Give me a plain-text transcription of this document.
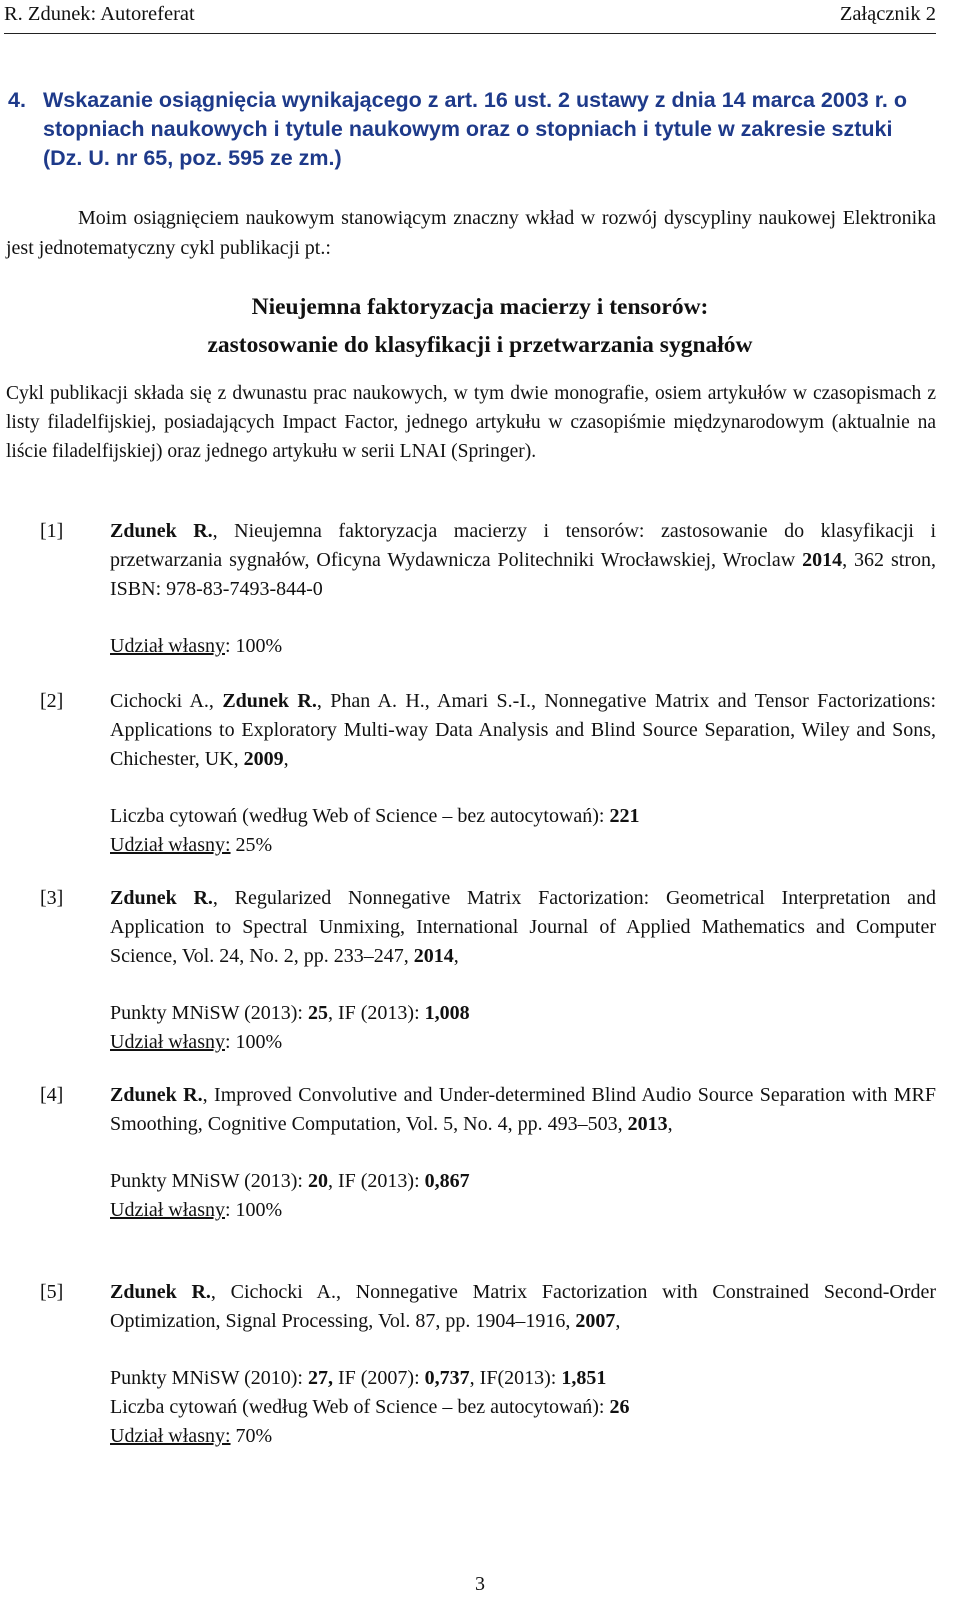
R. Zdunek: Autoreferat	Załącznik 2
4. Wskazanie osiągnięcia wynikającego z art. 16 ust. 2 ustawy z dnia 14 marca 2003 r. o stopniach naukowych i tytule naukowym oraz o stopniach i tytule w zakresie sztuki (Dz. U. nr 65, poz. 595 ze zm.)
Moim osiągnięciem naukowym stanowiącym znaczny wkład w rozwój dyscypliny naukowej Elektronika jest jednotematyczny cykl publikacji pt.:
Nieujemna faktoryzacja macierzy i tensorów:
zastosowanie do klasyfikacji i przetwarzania sygnałów
Cykl publikacji składa się z dwunastu prac naukowych, w tym dwie monografie, osiem artykułów w czasopismach z listy filadelfijskiej, posiadających Impact Factor, jednego artykułu w czasopiśmie międzynarodowym (aktualnie na liście filadelfijskiej) oraz jednego artykułu w serii LNAI (Springer).
[1] Zdunek R., Nieujemna faktoryzacja macierzy i tensorów: zastosowanie do klasyfikacji i przetwarzania sygnałów, Oficyna Wydawnicza Politechniki Wrocławskiej, Wroclaw 2014, 362 stron, ISBN: 978-83-7493-844-0
Udział własny: 100%
[2] Cichocki A., Zdunek R., Phan A. H., Amari S.-I., Nonnegative Matrix and Tensor Factorizations: Applications to Exploratory Multi-way Data Analysis and Blind Source Separation, Wiley and Sons, Chichester, UK, 2009,
Liczba cytowań (według Web of Science – bez autocytowań): 221
Udział własny: 25%
[3] Zdunek R., Regularized Nonnegative Matrix Factorization: Geometrical Interpretation and Application to Spectral Unmixing, International Journal of Applied Mathematics and Computer Science, Vol. 24, No. 2, pp. 233–247, 2014,
Punkty MNiSW (2013): 25, IF (2013): 1,008
Udział własny: 100%
[4] Zdunek R., Improved Convolutive and Under-determined Blind Audio Source Separation with MRF Smoothing, Cognitive Computation, Vol. 5, No. 4, pp. 493–503, 2013,
Punkty MNiSW (2013): 20, IF (2013): 0,867
Udział własny: 100%
[5] Zdunek R., Cichocki A., Nonnegative Matrix Factorization with Constrained Second-Order Optimization, Signal Processing, Vol. 87, pp. 1904–1916, 2007,
Punkty MNiSW (2010): 27, IF (2007): 0,737, IF(2013): 1,851
Liczba cytowań (według Web of Science – bez autocytowań): 26
Udział własny: 70%
3
